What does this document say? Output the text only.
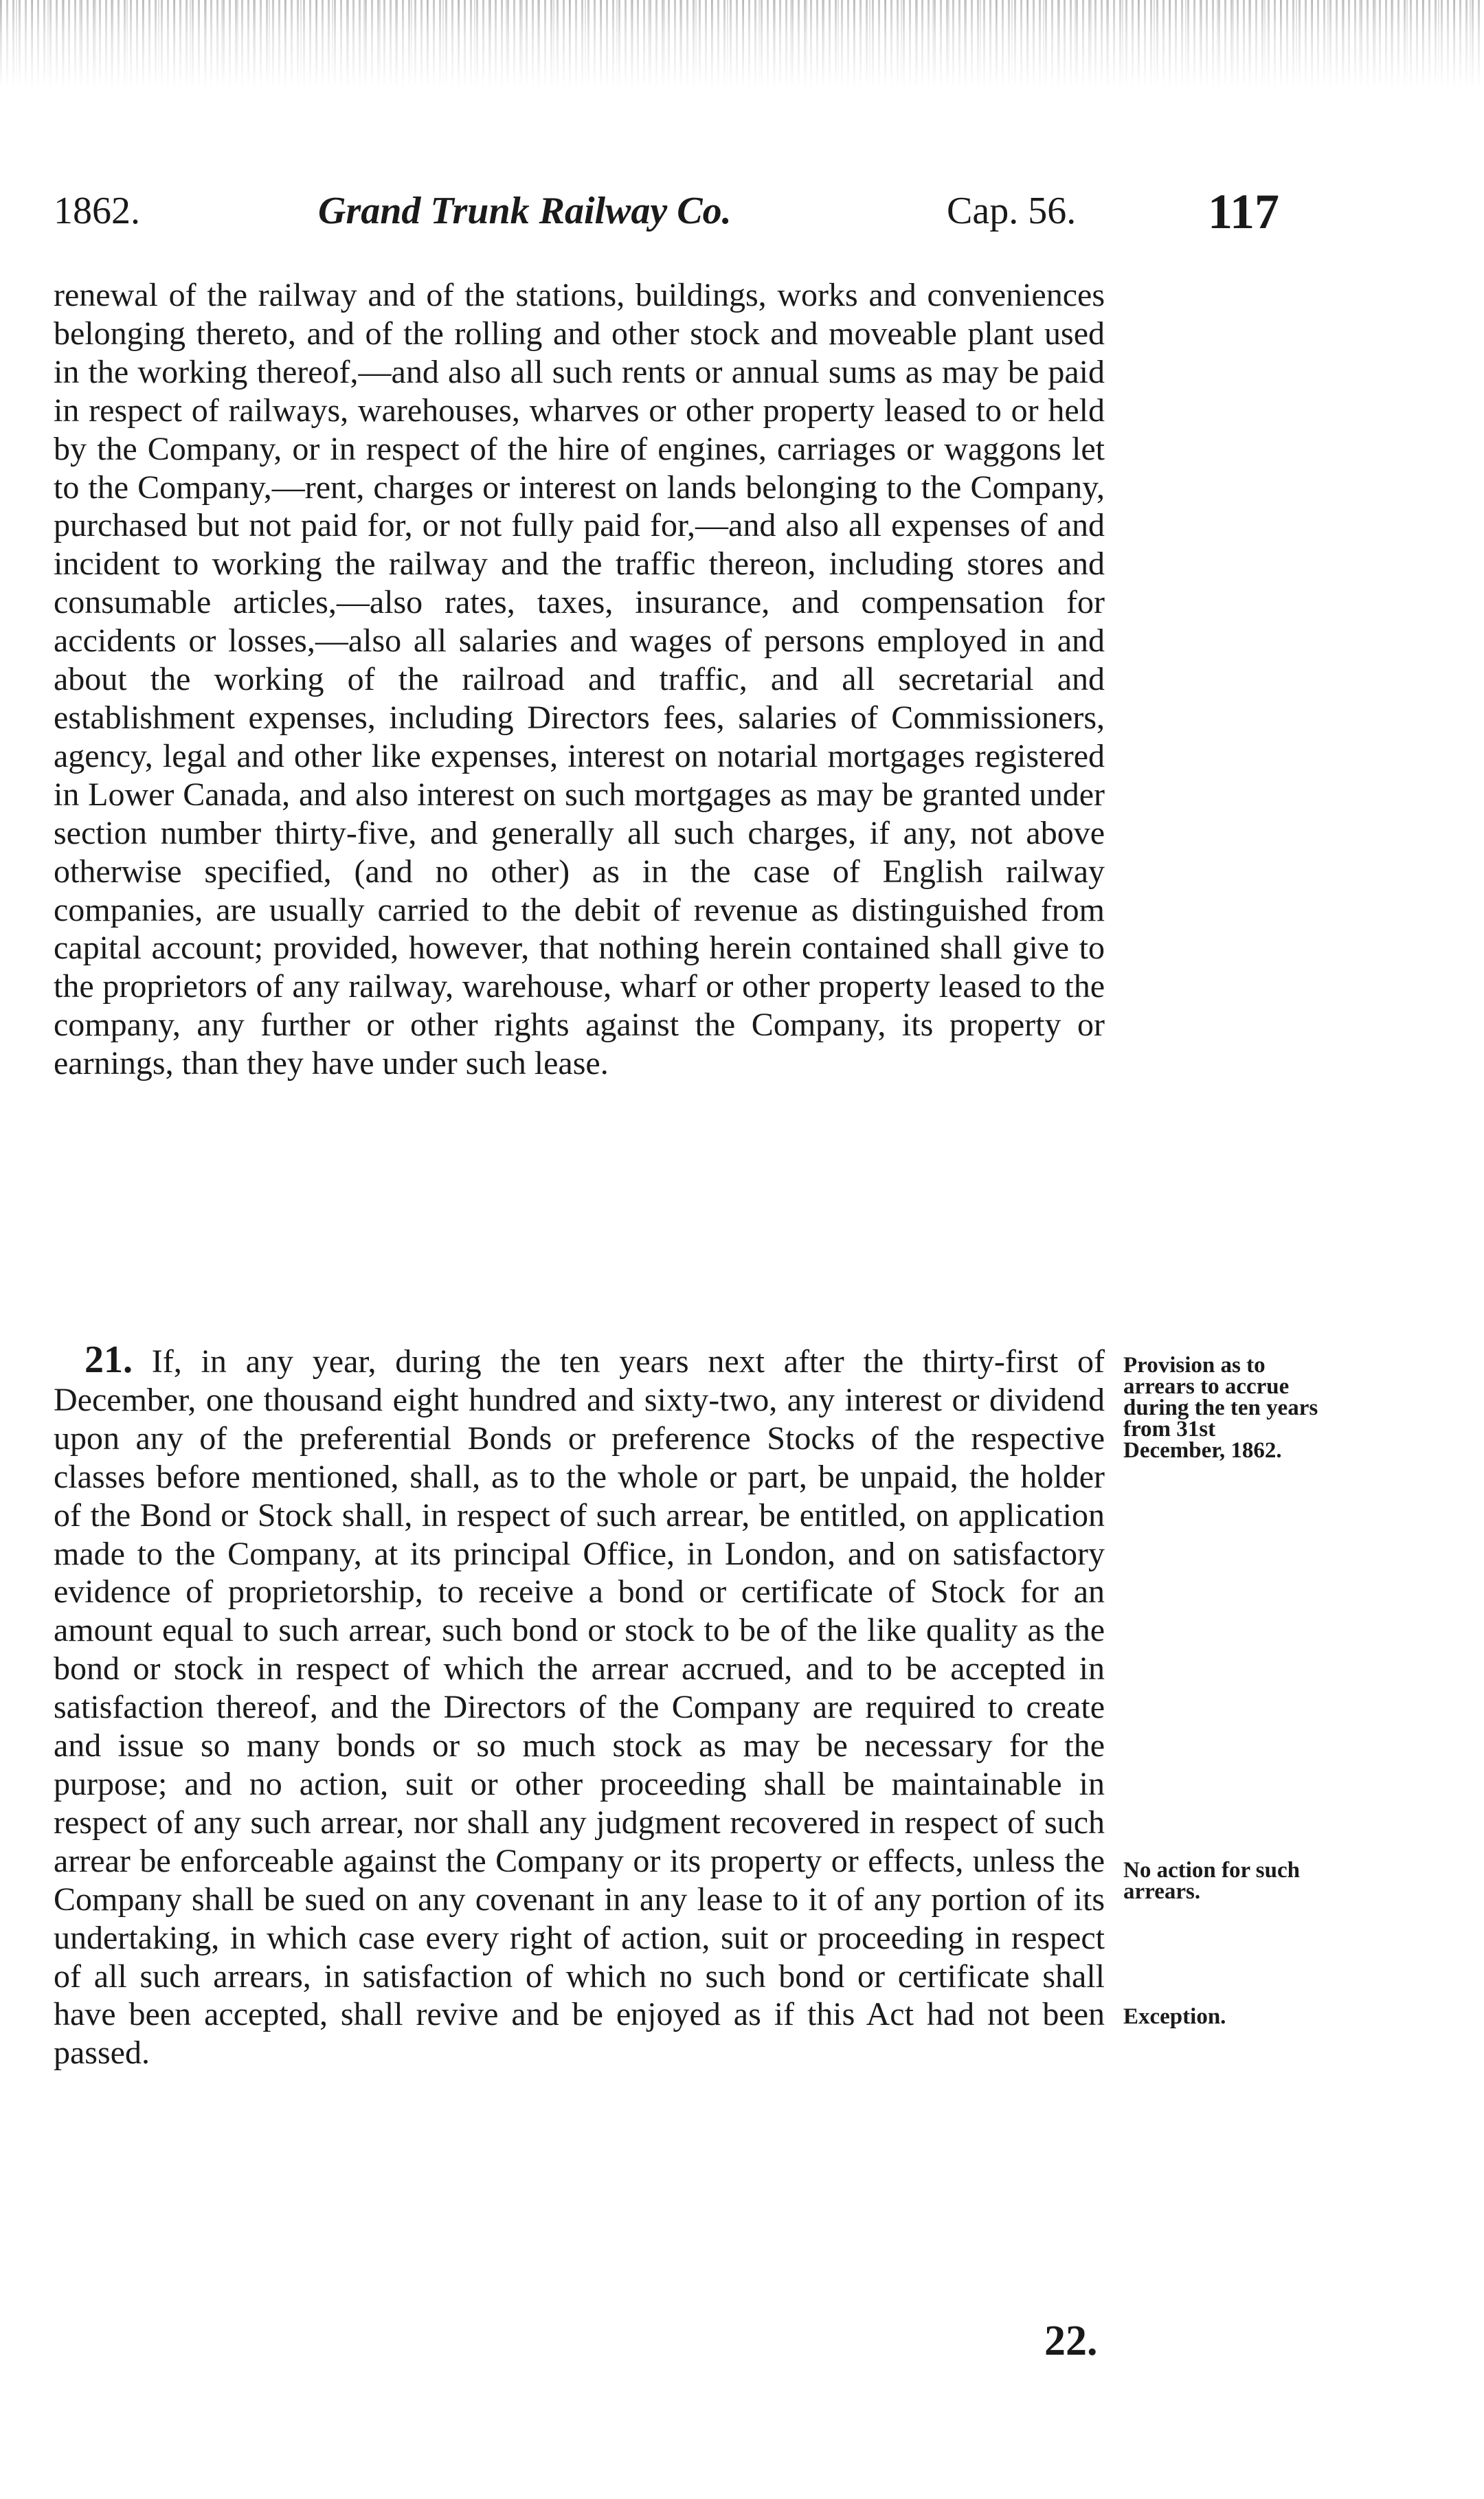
1862.	Grand Trunk Railway Co.	Cap. 56.	117

renewal of the railway and of the stations, buildings, works and conveniences belonging thereto, and of the rolling and other stock and moveable plant used in the working thereof,—and also all such rents or annual sums as may be paid in respect of railways, warehouses, wharves or other property leased to or held by the Company, or in respect of the hire of engines, carriages or waggons let to the Company,—rent, charges or interest on lands belonging to the Company, purchased but not paid for, or not fully paid for,—and also all expenses of and incident to working the railway and the traffic thereon, including stores and consumable articles,—also rates, taxes, insurance, and compensation for accidents or losses,—also all salaries and wages of persons employed in and about the working of the railroad and traffic, and all secretarial and establishment expenses, including Directors fees, salaries of Commissioners, agency, legal and other like expenses, interest on notarial mortgages registered in Lower Canada, and also interest on such mortgages as may be granted under section number thirty-five, and generally all such charges, if any, not above otherwise specified, (and no other) as in the case of English railway companies, are usually carried to the debit of revenue as distinguished from capital account; provided, however, that nothing herein contained shall give to the proprietors of any railway, warehouse, wharf or other property leased to the company, any further or other rights against the Company, its property or earnings, than they have under such lease.

21. If, in any year, during the ten years next after the thirty-first of December, one thousand eight hundred and sixty-two, any interest or dividend upon any of the preferential Bonds or preference Stocks of the respective classes before mentioned, shall, as to the whole or part, be unpaid, the holder of the Bond or Stock shall, in respect of such arrear, be entitled, on application made to the Company, at its principal Office, in London, and on satisfactory evidence of proprietorship, to receive a bond or certificate of Stock for an amount equal to such arrear, such bond or stock to be of the like quality as the bond or stock in respect of which the arrear accrued, and to be accepted in satisfaction thereof, and the Directors of the Company are required to create and issue so many bonds or so much stock as may be necessary for the purpose; and no action, suit or other proceeding shall be maintainable in respect of any such arrear, nor shall any judgment recovered in respect of such arrear be enforceable against the Company or its property or effects, unless the Company shall be sued on any covenant in any lease to it of any portion of its undertaking, in which case every right of action, suit or proceeding in respect of all such arrears, in satisfaction of which no such bond or certificate shall have been accepted, shall revive and be enjoyed as if this Act had not been passed.

Provision as to arrears to accrue during the ten years from 31st December, 1862.
No action for such arrears.
Exception.
22.
